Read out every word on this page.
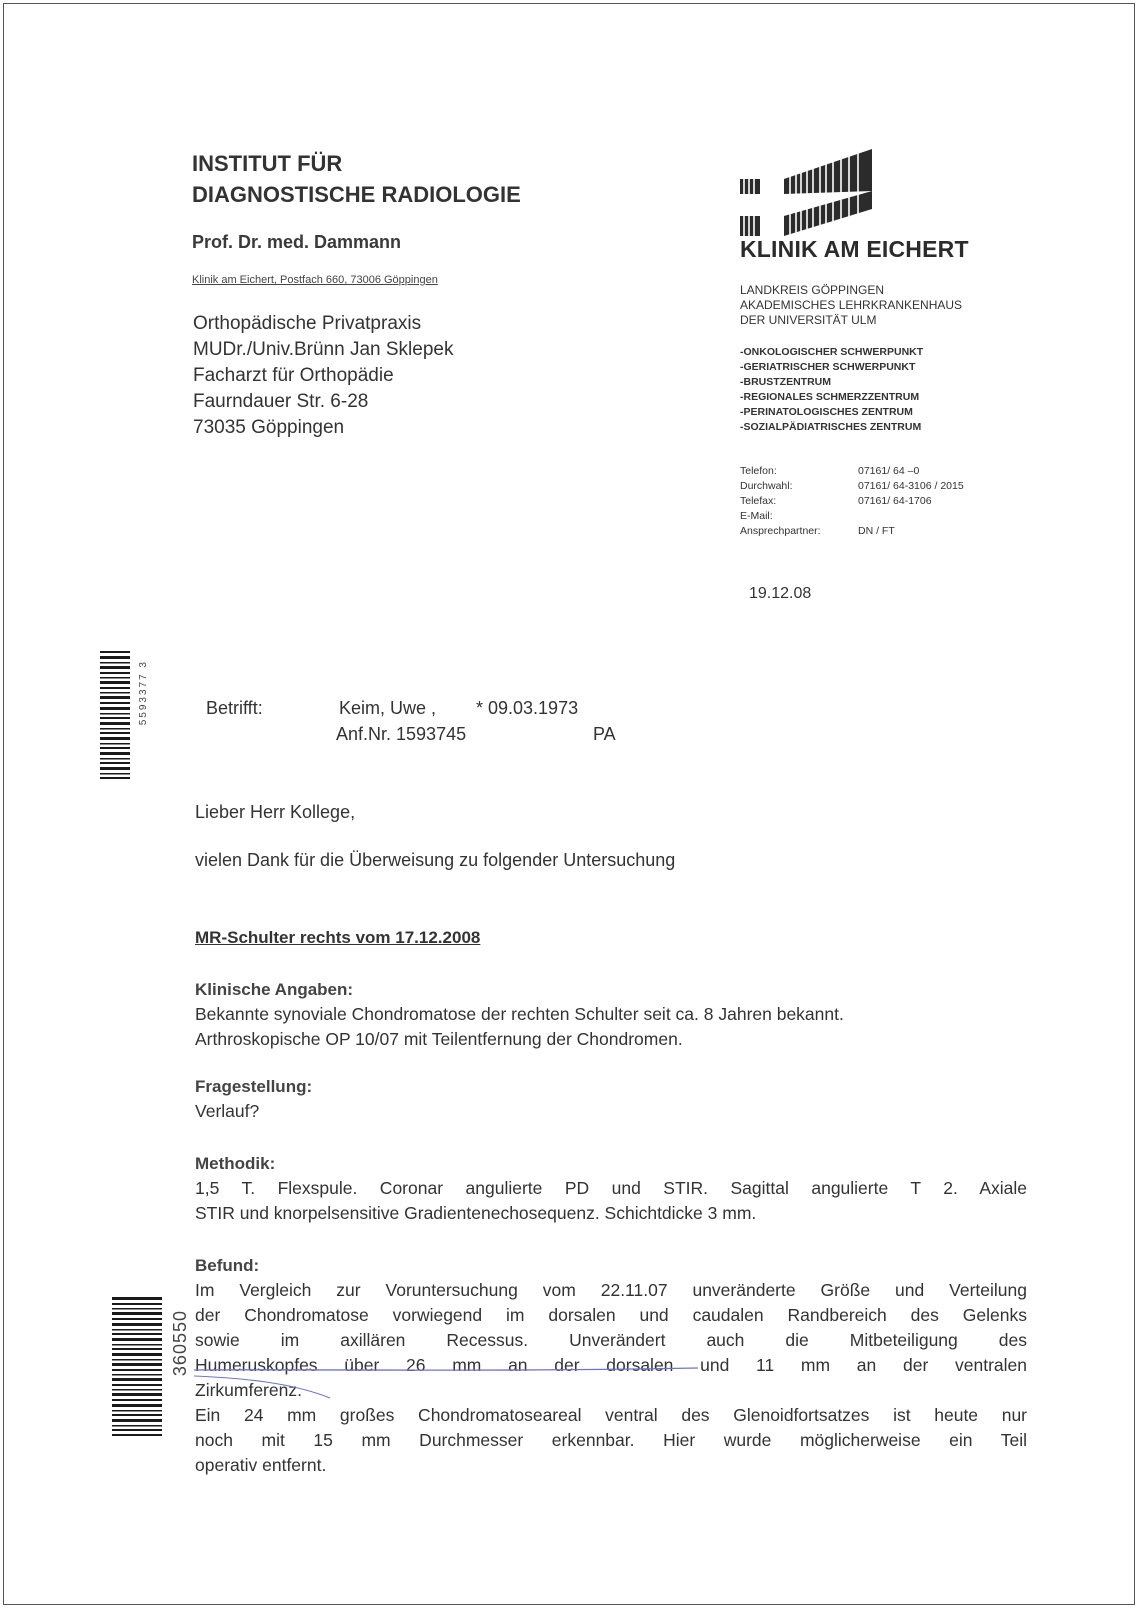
INSTITUT FÜR
DIAGNOSTISCHE RADIOLOGIE
Prof. Dr. med. Dammann
Klinik am Eichert, Postfach 660, 73006 Göppingen
Orthopädische Privatpraxis
MUDr./Univ.Brünn Jan Sklepek
Facharzt für Orthopädie
Faurndauer Str. 6-28
73035 Göppingen
KLINIK AM EICHERT
LANDKREIS GÖPPINGEN
AKADEMISCHES LEHRKRANKENHAUS
DER UNIVERSITÄT ULM
-ONKOLOGISCHER SCHWERPUNKT
-GERIATRISCHER SCHWERPUNKT
-BRUSTZENTRUM
-REGIONALES SCHMERZZENTRUM
-PERINATOLOGISCHES ZENTRUM
-SOZIALPÄDIATRISCHES ZENTRUM
Telefon:	07161/ 64 –0
Durchwahl:	07161/ 64-3106 / 2015
Telefax:	07161/ 64-1706
E-Mail:
Ansprechpartner:	DN / FT
19.12.08
5593377 3
360550
Betrifft:	Keim, Uwe , * 09.03.1973
Anf.Nr. 1593745	PA
Lieber Herr Kollege,
vielen Dank für die Überweisung zu folgender Untersuchung
MR-Schulter rechts vom 17.12.2008
Klinische Angaben:

Bekannte synoviale Chondromatose der rechten Schulter seit ca. 8 Jahren bekannt.

Arthroskopische OP 10/07 mit Teilentfernung der Chondromen.

Fragestellung:

Verlauf?

Methodik:

1,5 T. Flexspule. Coronar angulierte PD und STIR. Sagittal angulierte T 2. Axiale

STIR und knorpelsensitive Gradientenechosequenz. Schichtdicke 3 mm.

Befund:

Im Vergleich zur Voruntersuchung vom 22.11.07 unveränderte Größe und Verteilung

der Chondromatose vorwiegend im dorsalen und caudalen Randbereich des Gelenks

sowie im axillären Recessus. Unverändert auch die Mitbeteiligung des

Humeruskopfes über 26 mm an der dorsalen und 11 mm an der ventralen

Zirkumferenz.

Ein 24 mm großes Chondromatoseareal ventral des Glenoidfortsatzes ist heute nur

noch mit 15 mm Durchmesser erkennbar. Hier wurde möglicherweise ein Teil

operativ entfernt.
